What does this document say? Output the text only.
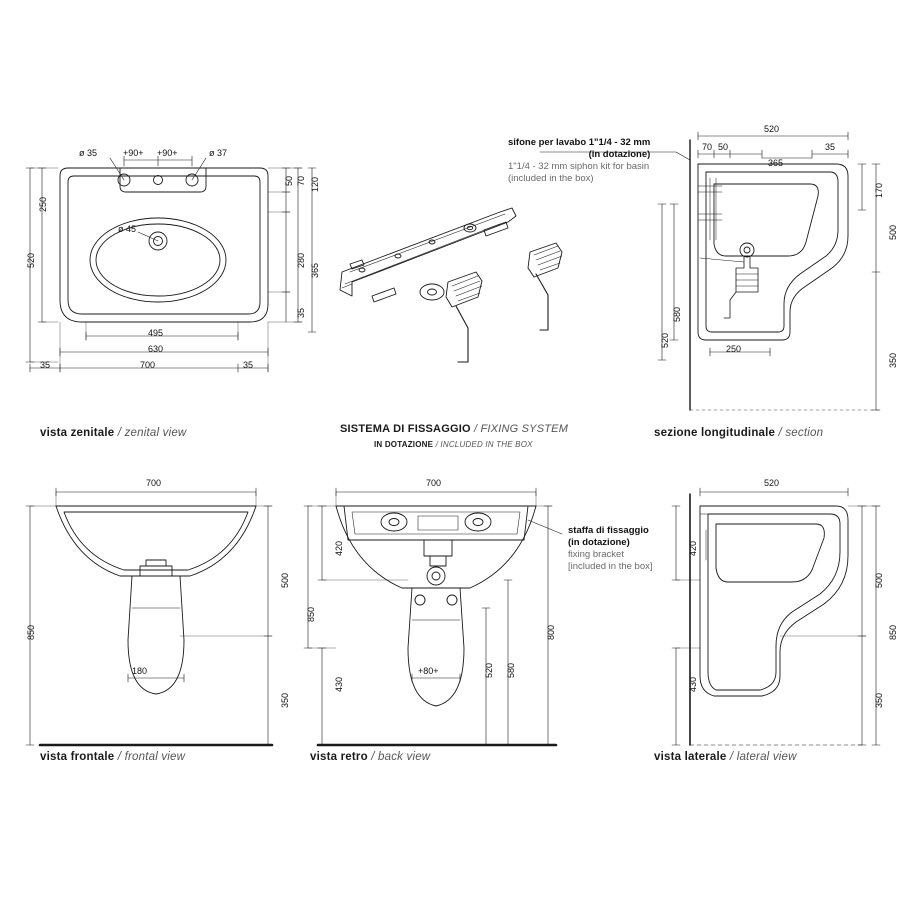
ø 35	+90+ +90+	ø 37
ø 45
250
520
50 70 120
280
365
35
495
630
35	35
700
vista zenitale / zenital view	SISTEMA DI FISSAGGIO / FIXING SYSTEM
IN DOTAZIONE / INCLUDED IN THE BOX
sifone per lavabo 1"1/4 - 32 mm
(in dotazione)
1"1/4 - 32 mm siphon kit for basin
(included in the box)
520
70 50	35
365
170
500
580
520
250
350
sezione longitudinale / section
700
500
850
350
180
vista frontale / frontal view
700
420
850
430
800
580
520
+80+
staffa di fissaggio
(in dotazione)
fixing bracket
[included in the box]
vista retro / back view
520
420
500
850
430
350
vista laterale / lateral view
